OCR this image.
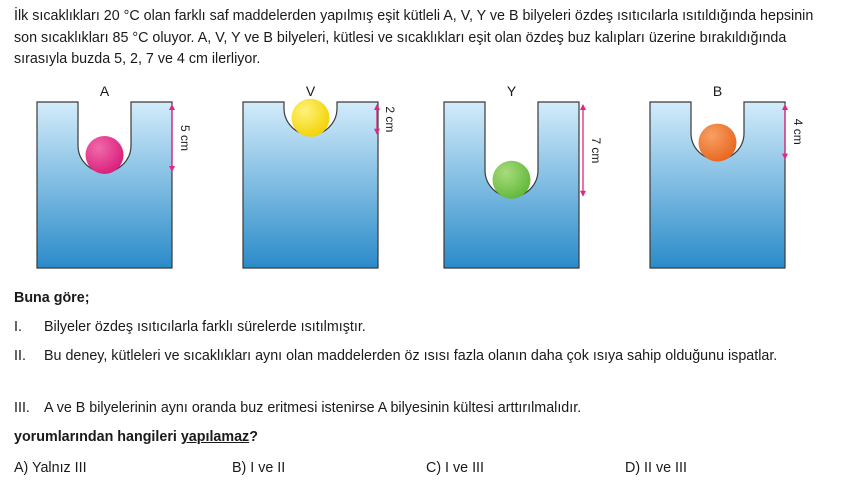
İlk sıcaklıkları 20 °C olan farklı saf maddelerden yapılmış eşit kütleli A, V, Y ve B bilyeleri özdeş ısıtıcılarla ısıtıldığında hepsinin son sıcaklıkları 85 °C oluyor. A, V, Y ve B bilyeleri, kütlesi ve sıcaklıkları eşit olan özdeş buz kalıpları üzerine bırakıldığında sırasıyla buzda 5, 2, 7 ve 4 cm ilerliyor.
A
5 cm
V
2 cm
Y
7 cm
B
4 cm
Buna göre;
I.	Bilyeler özdeş ısıtıcılarla farklı sürelerde ısıtılmıştır.
II.	Bu deney, kütleleri ve sıcaklıkları aynı olan maddelerden öz ısısı fazla olanın daha çok ısıya sahip olduğunu ispatlar.
III. A ve B bilyelerinin aynı oranda buz eritmesi istenirse A bilyesinin kültesi arttırılmalıdır.
yorumlarından hangileri yapılamaz?
A) Yalnız III	B) I ve II	C) I ve III	D) II ve III
